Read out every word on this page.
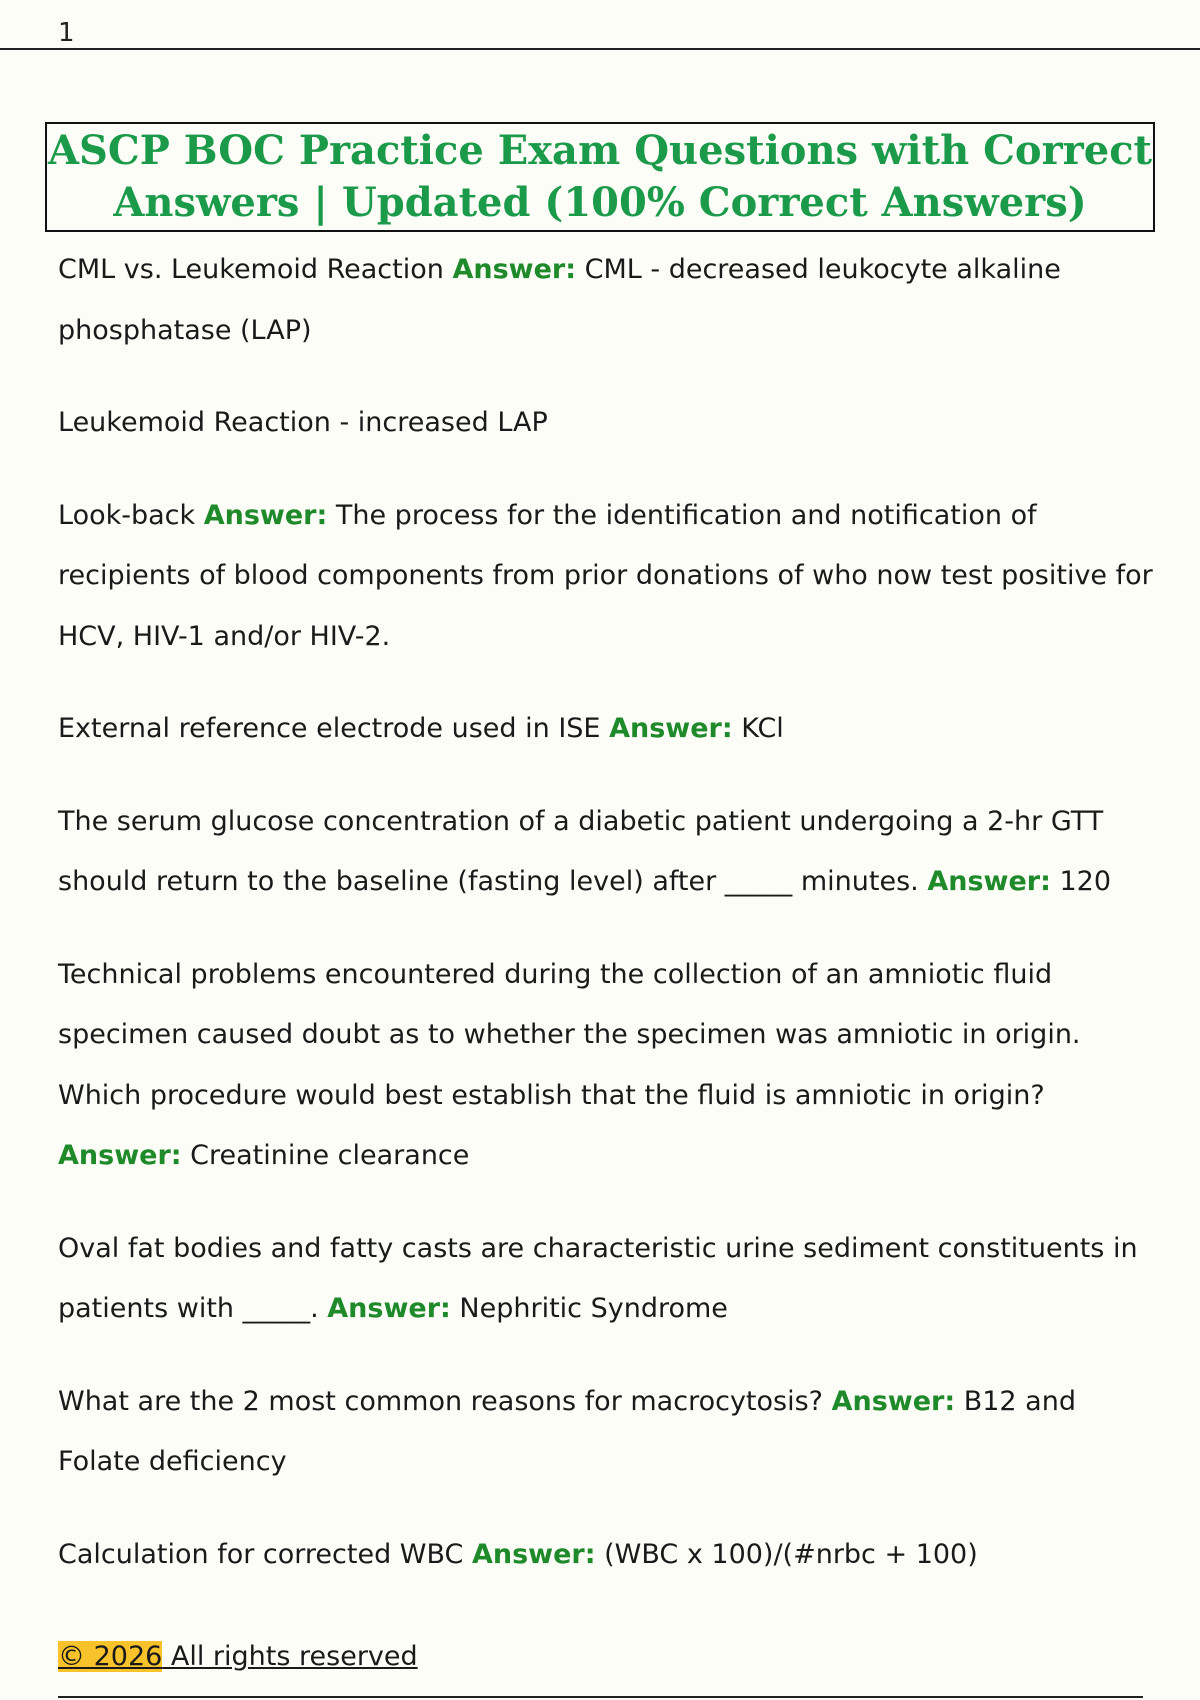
1
ASCP BOC Practice Exam Questions with Correct
Answers | Updated (100% Correct Answers)

CML vs. Leukemoid Reaction Answer: CML - decreased leukocyte alkaline phosphatase (LAP)

Leukemoid Reaction - increased LAP

Look-back Answer: The process for the identification and notification of recipients of blood components from prior donations of who now test positive for HCV, HIV-1 and/or HIV-2.

External reference electrode used in ISE Answer: KCl

The serum glucose concentration of a diabetic patient undergoing a 2-hr GTT should return to the baseline (fasting level) after _____ minutes. Answer: 120

Technical problems encountered during the collection of an amniotic fluid specimen caused doubt as to whether the specimen was amniotic in origin. Which procedure would best establish that the fluid is amniotic in origin? Answer: Creatinine clearance

Oval fat bodies and fatty casts are characteristic urine sediment constituents in patients with _____. Answer: Nephritic Syndrome

What are the 2 most common reasons for macrocytosis? Answer: B12 and Folate deficiency

Calculation for corrected WBC Answer: (WBC x 100)/(#nrbc + 100)

© 2026 All rights reserved
